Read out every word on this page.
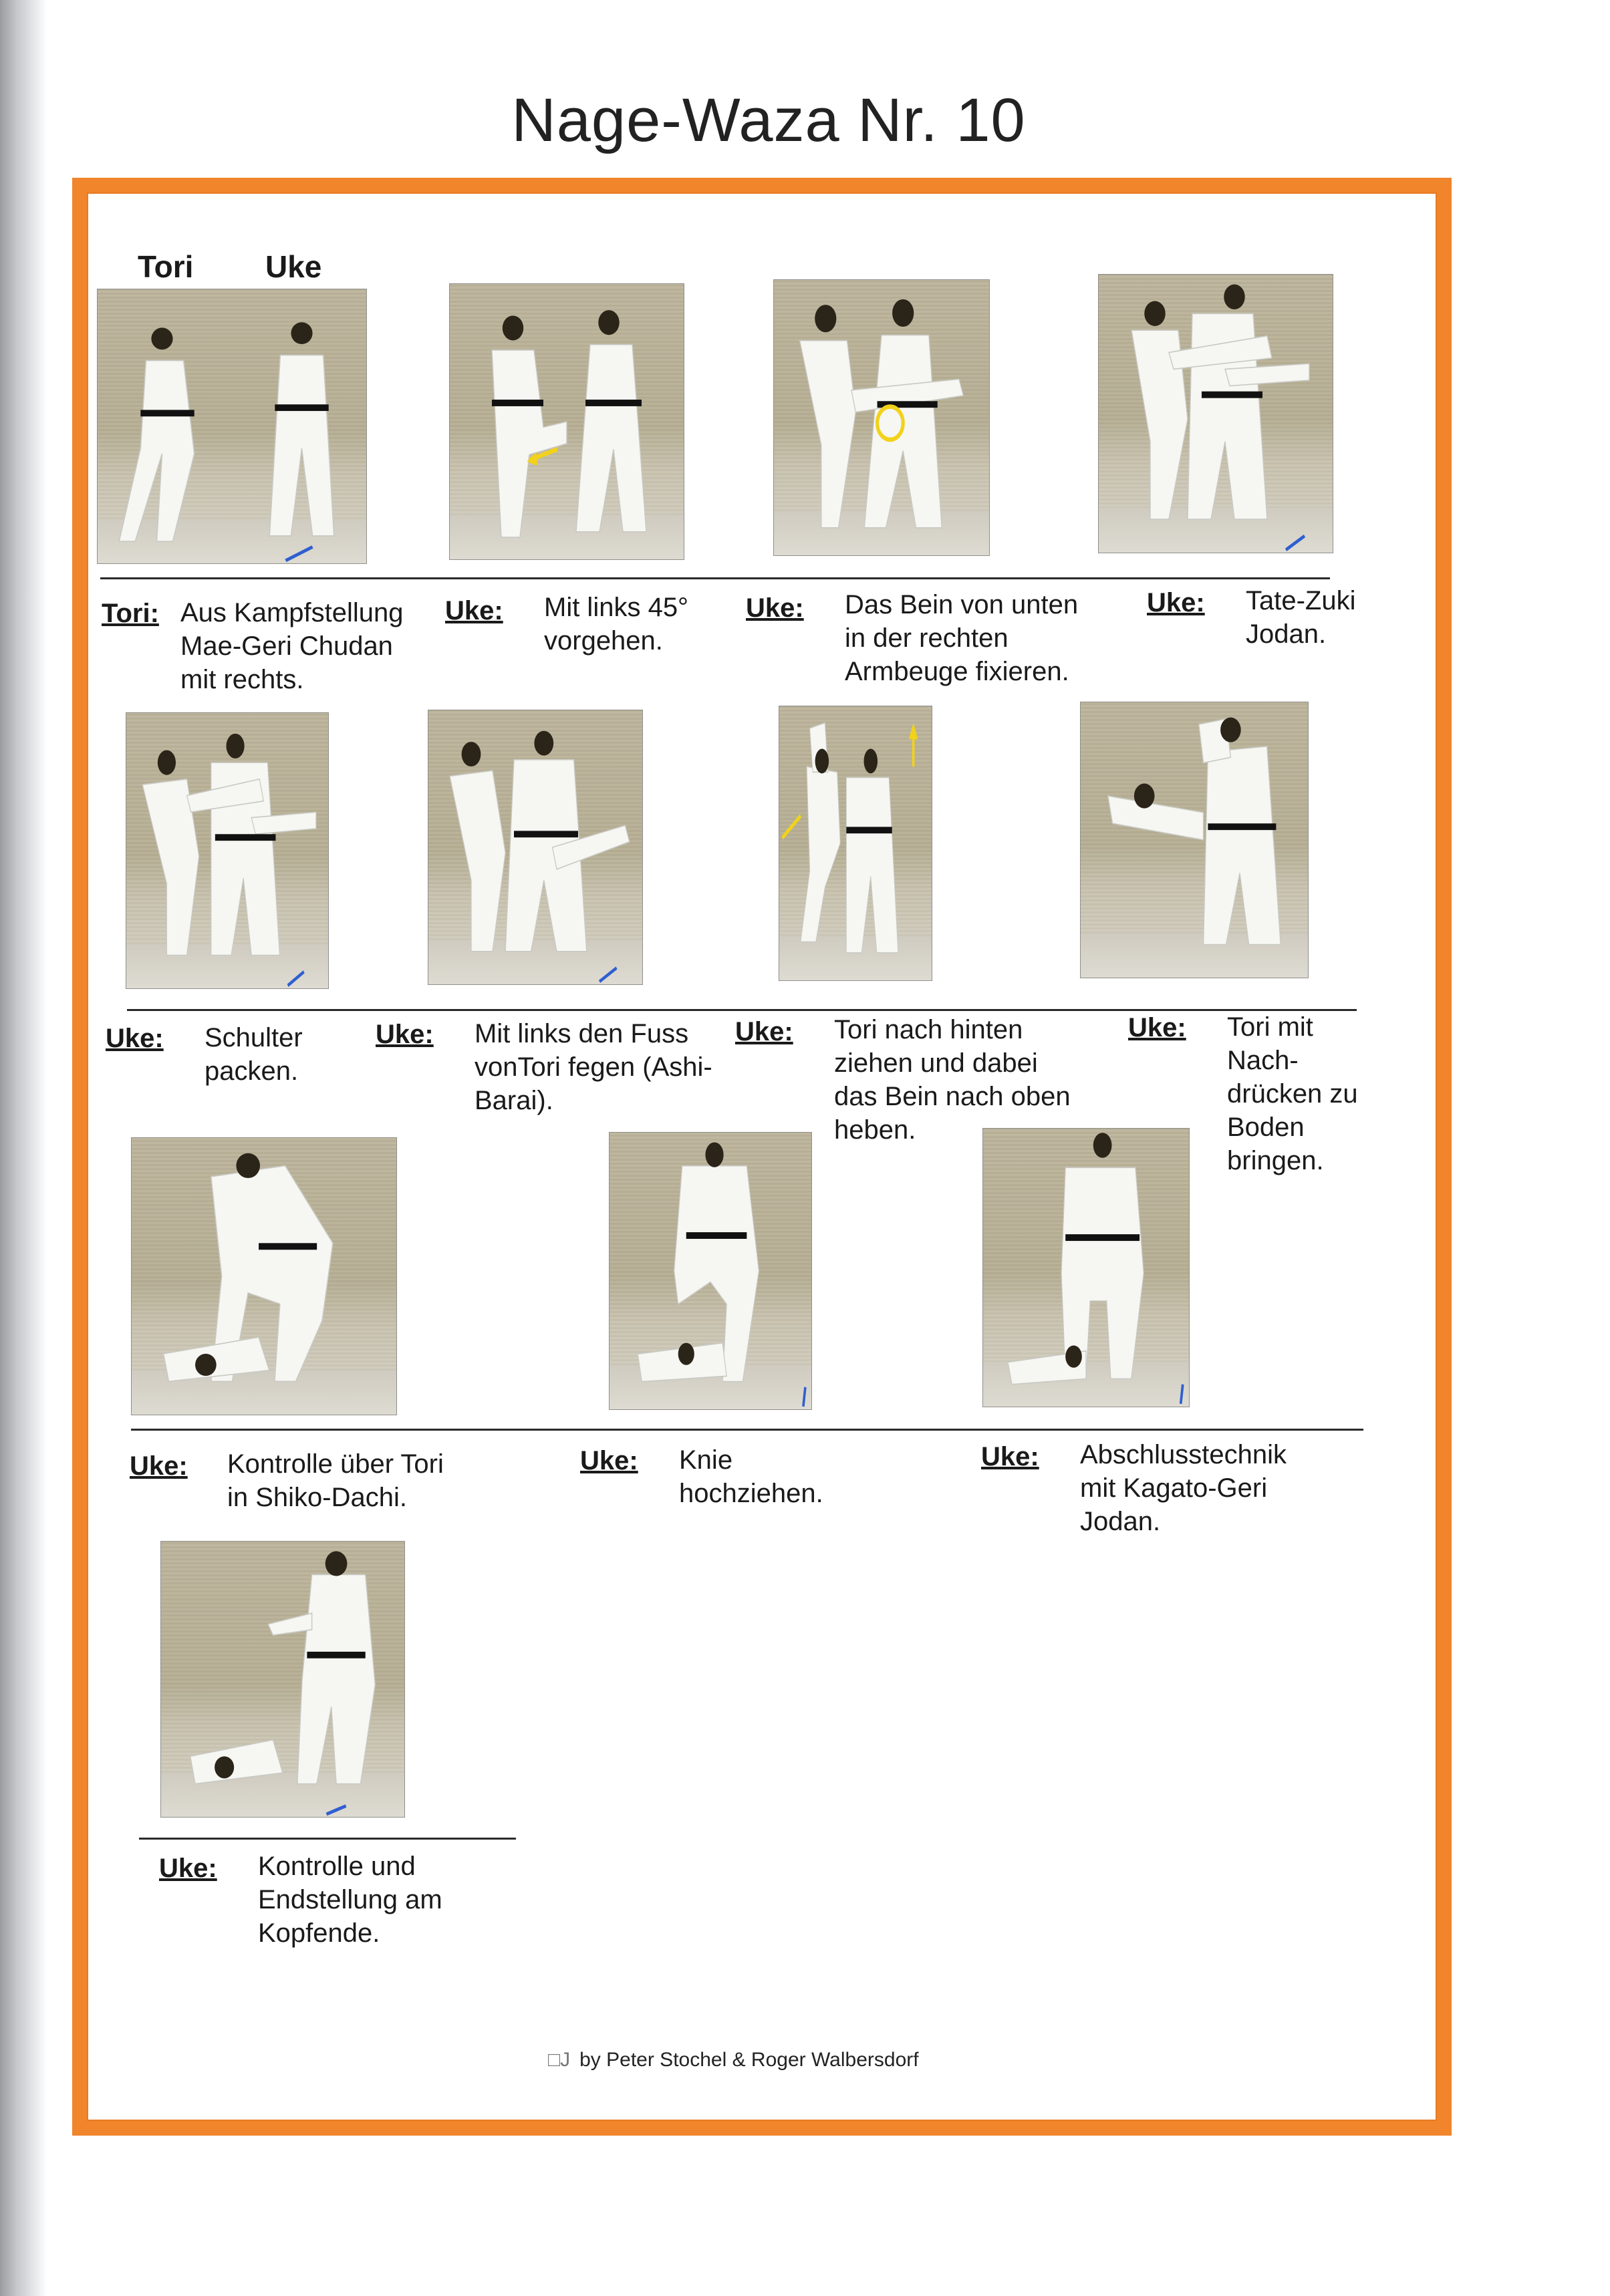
Nage-Waza Nr. 10
Tori Uke
Tori: Aus Kampfstellung
Mae-Geri Chudan
mit rechts.
Uke: Mit links 45°
vorgehen.
Uke: Das Bein von unten
in der rechten
Armbeuge fixieren.
Uke: Tate-Zuki
Jodan.
Uke: Schulter
packen.
Uke: Mit links den Fuss
vonTori fegen (Ashi-
Barai).
Uke: Tori nach hinten
ziehen und dabei
das Bein nach oben
heben.
Uke: Tori mit
Nach-
drücken zu
Boden
bringen.
Uke: Kontrolle über Tori
in Shiko-Dachi.
Uke: Knie
hochziehen.
Uke: Abschlusstechnik
mit Kagato-Geri
Jodan.
Uke: Kontrolle und
Endstellung am
Kopfende.
□J by Peter Stochel & Roger Walbersdorf
